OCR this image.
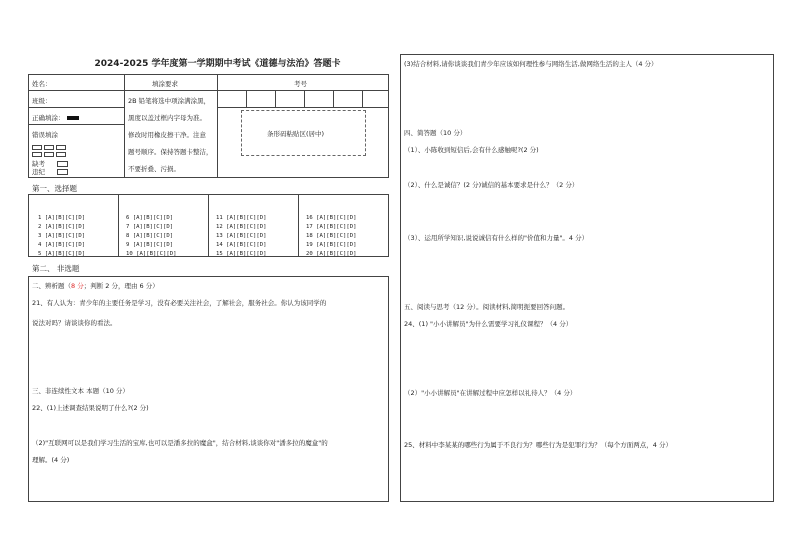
2024-2025 学年度第一学期期中考试《道德与法治》答题卡
姓名：
班级：
正确填涂：
错误填涂
缺考
违纪
填涂要求
2B 铅笔将选中项涂满涂黑，
黑度以盖过框内字母为准。
修改时用橡皮擦干净。注意
题号顺序。保持答题卡整洁，
不要折叠、污损。
考号
条形码粘贴区(居中)
第一、选择题

1 [A][B][C][D]
2 [A][B][C][D]
3 [A][B][C][D]
4 [A][B][C][D]
5 [A][B][C][D]

6 [A][B][C][D]
7 [A][B][C][D]
8 [A][B][C][D]
9 [A][B][C][D]
10 [A][B][C][D]

11 [A][B][C][D]
12 [A][B][C][D]
13 [A][B][C][D]
14 [A][B][C][D]
15 [A][B][C][D]

16 [A][B][C][D]
17 [A][B][C][D]
18 [A][B][C][D]
19 [A][B][C][D]
20 [A][B][C][D]

第二、 非选题
二、辨析题（8 分；判断 2 分，理由 6 分）
21、有人认为：青少年的主要任务是学习，没有必要关注社会，了解社会，服务社会。你认为该同学的
说法对吗？请谈谈你的看法。
三、非连续性文本 本题（10 分）
22、(1)上述调查结果说明了什么?(2 分)
（2)"互联网可以是我们学习生活的宝库,也可以是潘多拉的魔盒"，结合材料,谈谈你对"潘多拉的魔盒"的
理解。(4 分)
(3)结合材料,请你谈谈我们青少年应该如何理性参与网络生活,做网络生活的主人（4 分）
四、简答题（10 分）
（1）、小陈收到短信后,会有什么感触呢?(2 分)
（2）、什么是诚信？(2 分)诚信的基本要求是什么？（2 分）
（3）、运用所学知识,说说诚信有什么样的"价值和力量"。4 分）
五、阅读与思考（12 分）。阅读材料,简明扼要回答问题。
24、(1) "小小讲解员"为什么需要学习礼仪课程？（4 分）
（2）"小小讲解员"在讲解过程中应怎样以礼待人？（4 分）
25、材料中李某某的哪些行为属于不良行为？哪些行为是犯罪行为？（每个方面两点，4 分）
